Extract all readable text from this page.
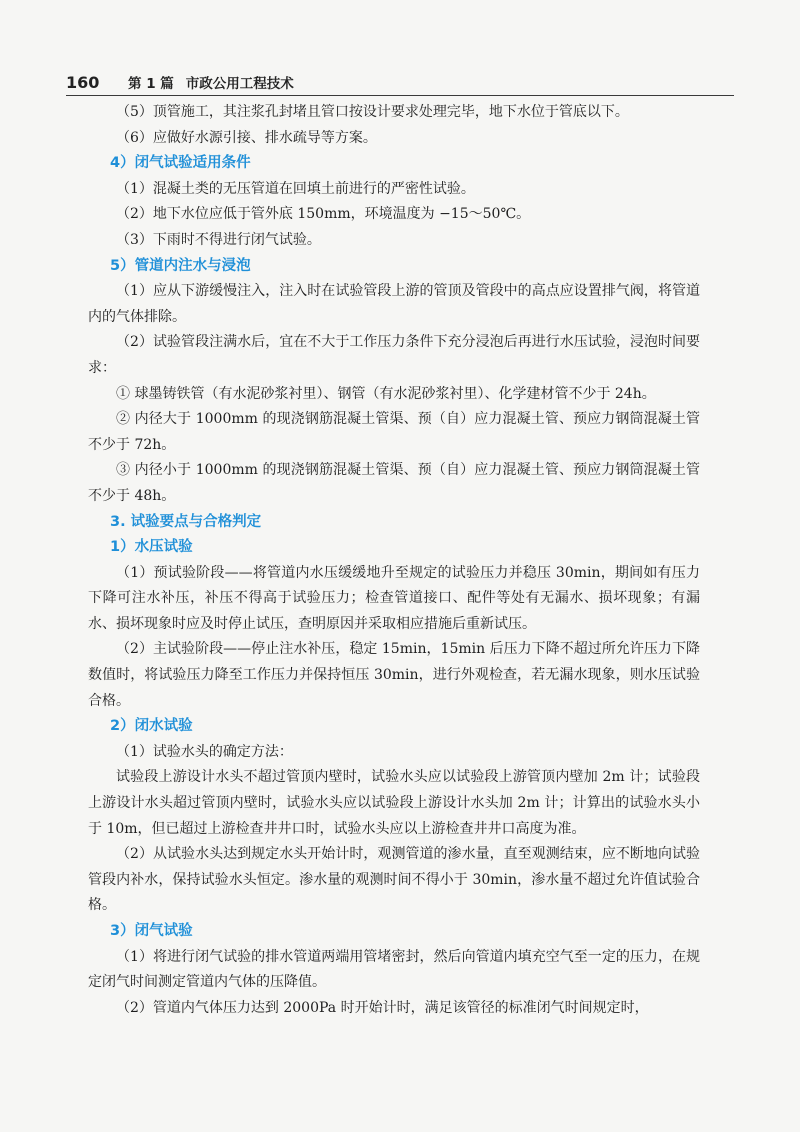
160	第 1 篇 市政公用工程技术

（5）顶管施工，其注浆孔封堵且管口按设计要求处理完毕，地下水位于管底以下。

（6）应做好水源引接、排水疏导等方案。

4）闭气试验适用条件

（1）混凝土类的无压管道在回填土前进行的严密性试验。

（2）地下水位应低于管外底 150mm，环境温度为 −15～50℃。

（3）下雨时不得进行闭气试验。

5）管道内注水与浸泡

（1）应从下游缓慢注入，注入时在试验管段上游的管顶及管段中的高点应设置排气阀，将管道内的气体排除。

（2）试验管段注满水后，宜在不大于工作压力条件下充分浸泡后再进行水压试验，浸泡时间要求：

① 球墨铸铁管（有水泥砂浆衬里）、钢管（有水泥砂浆衬里）、化学建材管不少于 24h。

② 内径大于 1000mm 的现浇钢筋混凝土管渠、预（自）应力混凝土管、预应力钢筒混凝土管不少于 72h。

③ 内径小于 1000mm 的现浇钢筋混凝土管渠、预（自）应力混凝土管、预应力钢筒混凝土管不少于 48h。

3. 试验要点与合格判定

1）水压试验

（1）预试验阶段——将管道内水压缓缓地升至规定的试验压力并稳压 30min，期间如有压力下降可注水补压，补压不得高于试验压力；检查管道接口、配件等处有无漏水、损坏现象；有漏水、损坏现象时应及时停止试压，查明原因并采取相应措施后重新试压。

（2）主试验阶段——停止注水补压，稳定 15min，15min 后压力下降不超过所允许压力下降数值时，将试验压力降至工作压力并保持恒压 30min，进行外观检查，若无漏水现象，则水压试验合格。

2）闭水试验

（1）试验水头的确定方法：

试验段上游设计水头不超过管顶内壁时，试验水头应以试验段上游管顶内壁加 2m 计；试验段上游设计水头超过管顶内壁时，试验水头应以试验段上游设计水头加 2m 计；计算出的试验水头小于 10m，但已超过上游检查井井口时，试验水头应以上游检查井井口高度为准。

（2）从试验水头达到规定水头开始计时，观测管道的渗水量，直至观测结束，应不断地向试验管段内补水，保持试验水头恒定。渗水量的观测时间不得小于 30min，渗水量不超过允许值试验合格。

3）闭气试验

（1）将进行闭气试验的排水管道两端用管堵密封，然后向管道内填充空气至一定的压力，在规定闭气时间测定管道内气体的压降值。

（2）管道内气体压力达到 2000Pa 时开始计时，满足该管径的标准闭气时间规定时，
